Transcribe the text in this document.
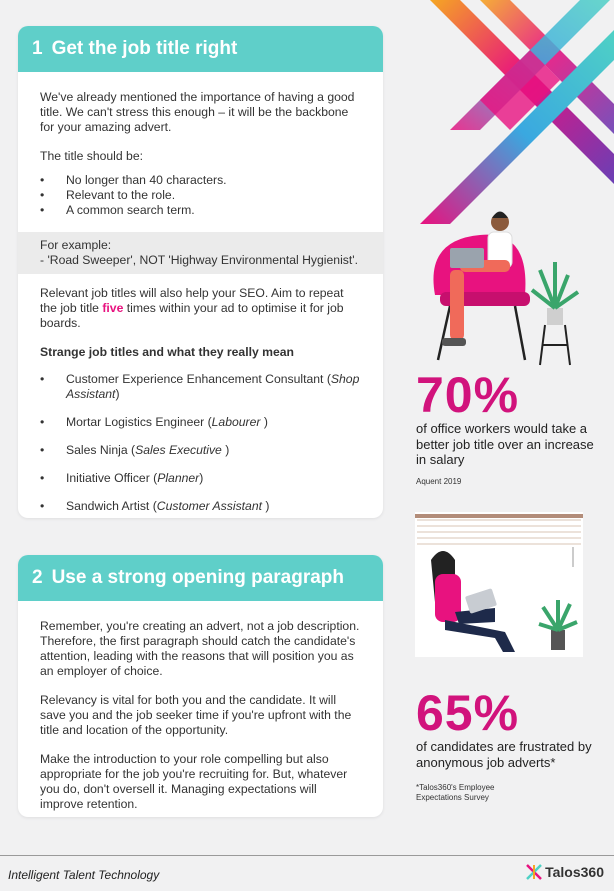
1 Get the job title right

We've already mentioned the importance of having a good title. We can't stress this enough – it will be the backbone for your amazing advert.

The title should be:

• No longer than 40 characters.
• Relevant to the role.
• A common search term.
For example:
- 'Road Sweeper', NOT 'Highway Environmental Hygienist'.

Relevant job titles will also help your SEO. Aim to repeat the job title five times within your ad to optimise it for job boards.

Strange job titles and what they really mean
• Customer Experience Enhancement Consultant (Shop Assistant)
• Mortar Logistics Engineer (Labourer )
• Sales Ninja (Sales Executive )
• Initiative Officer (Planner)
• Sandwich Artist (Customer Assistant )
70%
of office workers would take a better job title over an increase in salary
Aquent 2019
2 Use a strong opening paragraph

Remember, you're creating an advert, not a job description. Therefore, the first paragraph should catch the candidate's attention, leading with the reasons that will position you as an employer of choice.

Relevancy is vital for both you and the candidate. It will save you and the job seeker time if you're upfront with the title and location of the opportunity.

Make the introduction to your role compelling but also appropriate for the job you're recruiting for. But, whatever you do, don't oversell it. Managing expectations will improve retention.

65%
of candidates are frustrated by anonymous job adverts*
*Talos360's Employee Expectations Survey
Intelligent Talent Technology	Talos360
